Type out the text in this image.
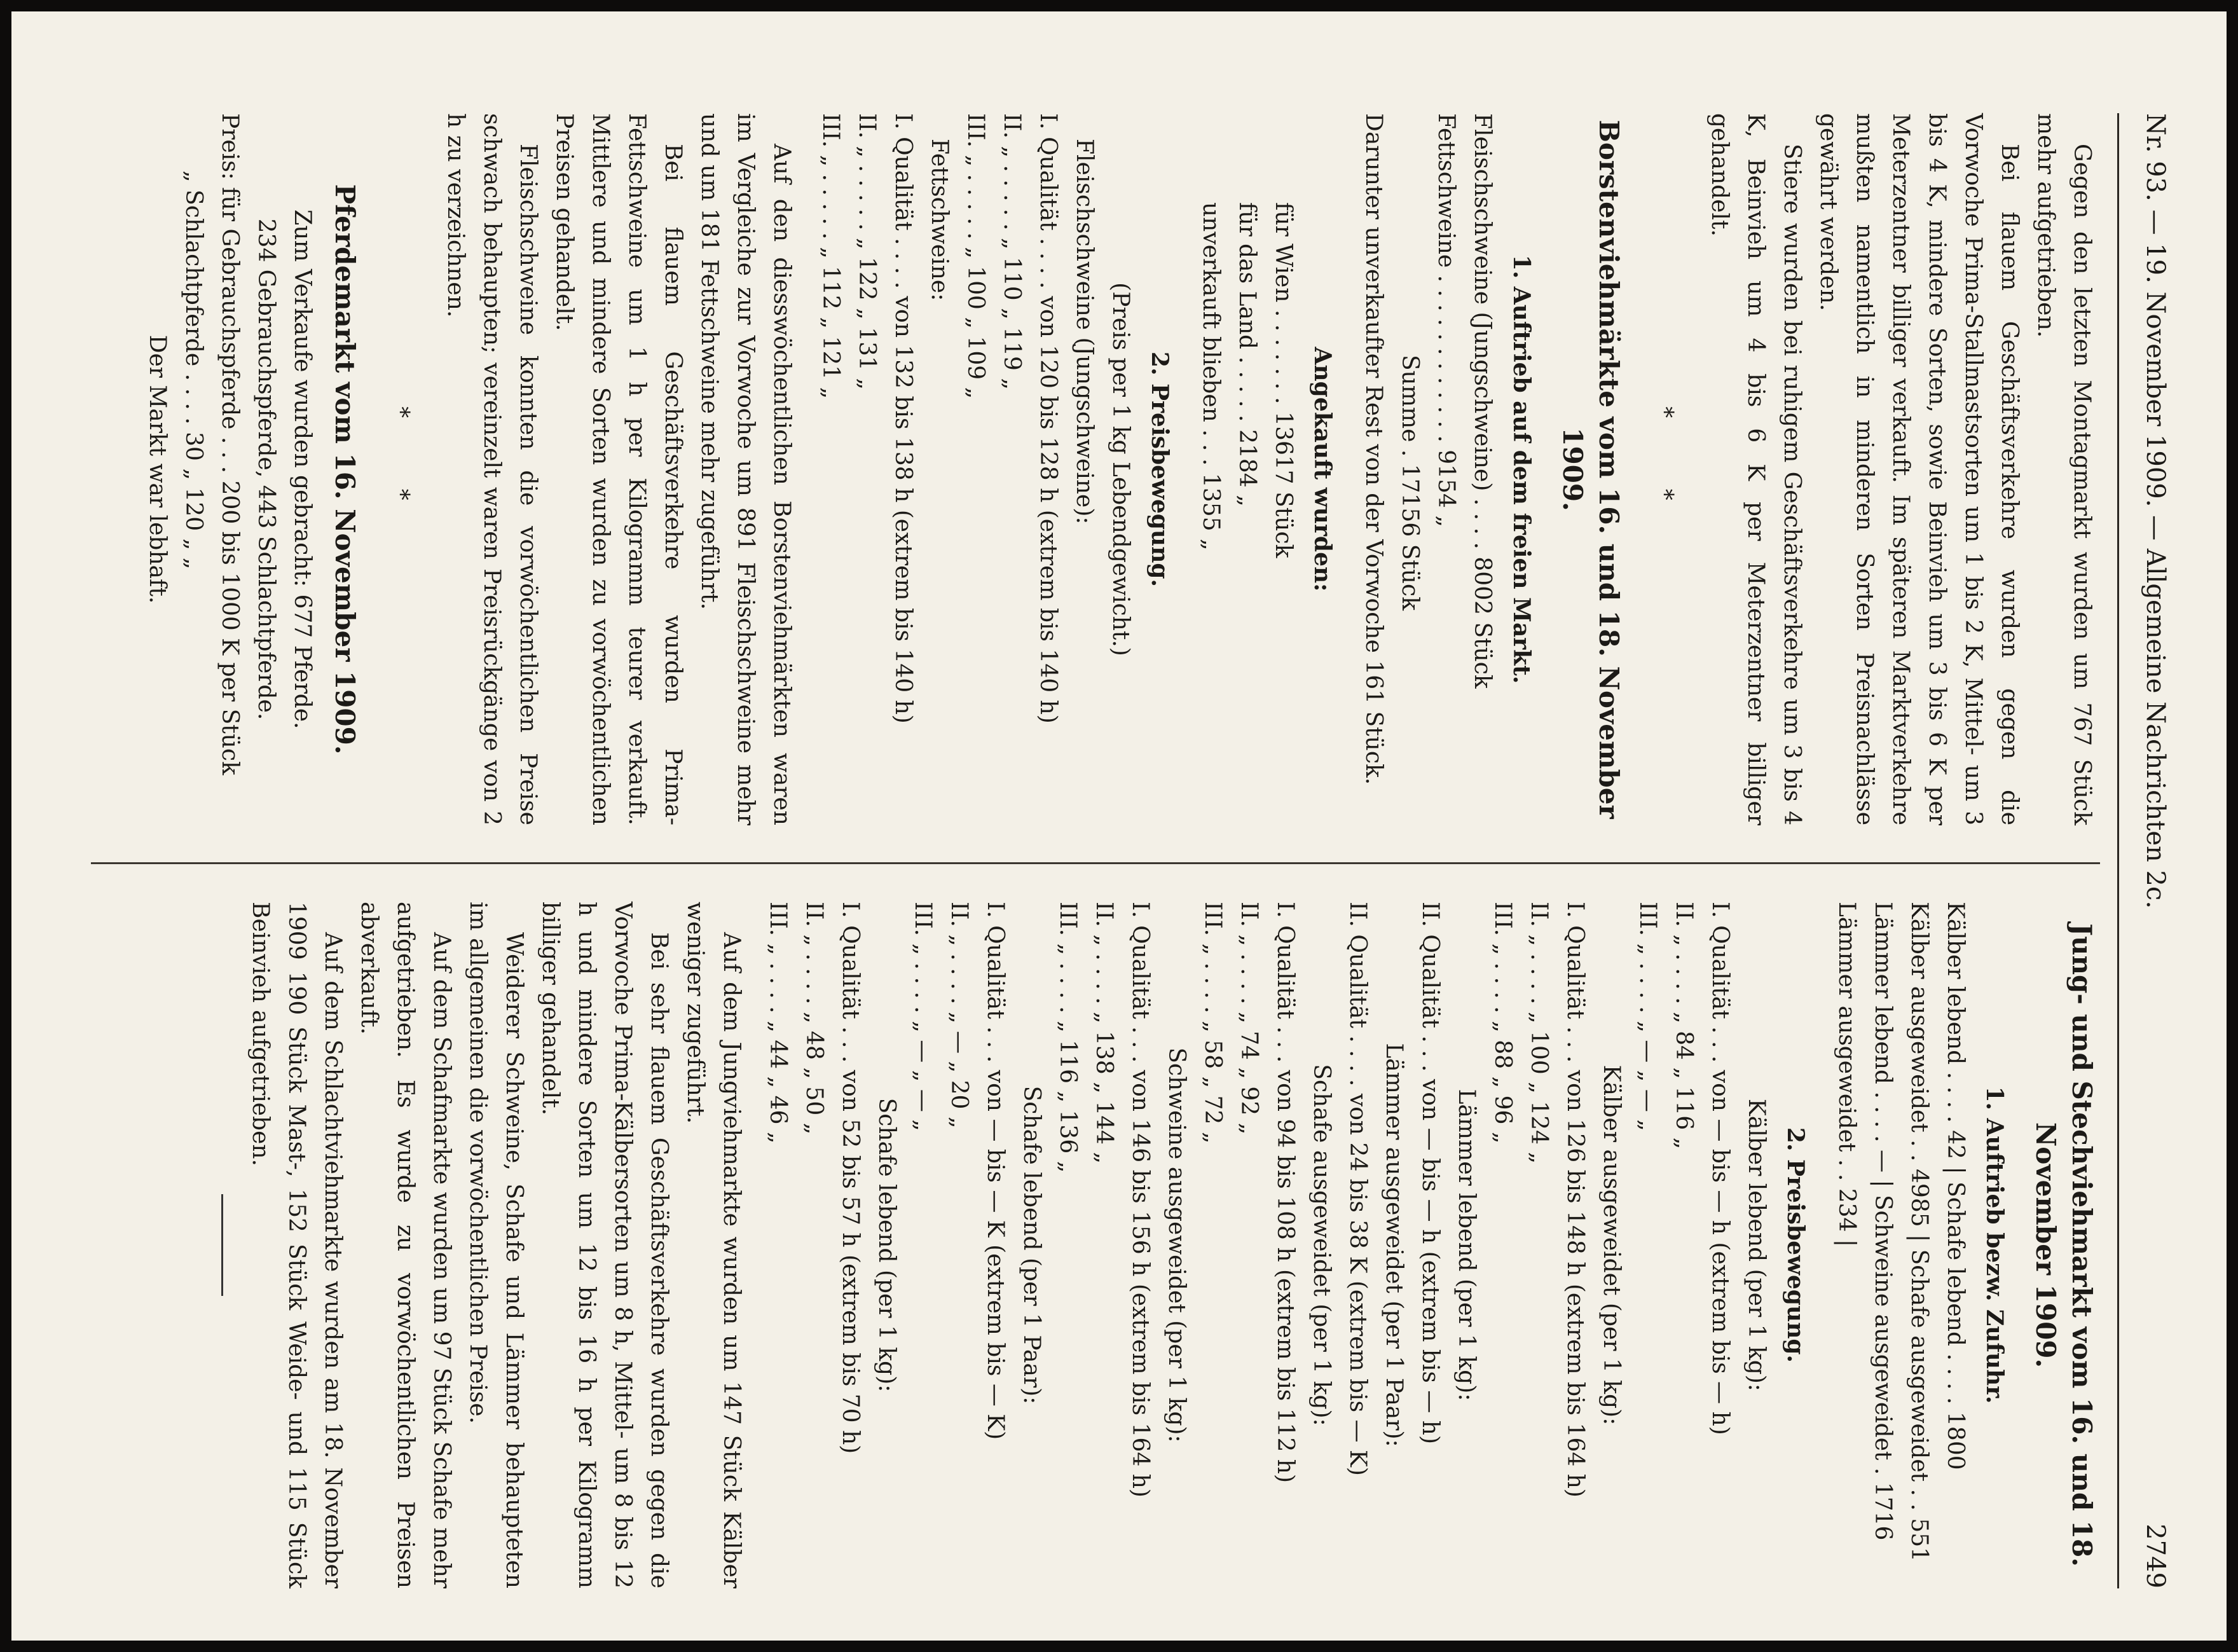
Nr. 93. — 19. November 1909. — Allgemeine Nachrichten 2c.
2749

Gegen den letzten Montagmarkt wurden um 767 Stück mehr aufgetrieben.

Bei flauem Geschäftsverkehre wurden gegen die Vorwoche Prima-Stallmastsorten um 1 bis 2 K, Mittel- um 3 bis 4 K, mindere Sorten, sowie Beinvieh um 3 bis 6 K per Meterzentner billiger verkauft. Im späteren Marktverkehre mußten namentlich in minderen Sorten Preisnachlässe gewährt werden.

Stiere wurden bei ruhigem Geschäftsverkehre um 3 bis 4 K, Beinvieh um 4 bis 6 K per Meterzentner billiger gehandelt.

* *
Borstenviehmärkte vom 16. und 18. November 1909.
1. Auftrieb auf dem freien Markt.
Fleischschweine (Jungschweine) . . . . 8002 Stück
Fettschweine . . . . . . . . . . . . 9154 „
Summe . 17156 Stück
Darunter unverkaufter Rest von der Vorwoche 161 Stück.
Angekauft wurden:
für Wien . . . . . . . 13617 Stück
für das Land . . . . . 2184 „
unverkauft blieben . . . 1355 „
2. Preisbewegung.
(Preis per 1 kg Lebendgewicht.)
Fleischschweine (Jungschweine):
I. Qualität . . . . von 120 bis 128 h (extrem bis 140 h)
II. „ . . . . . „ 110 „ 119 „
III. „ . . . . . „ 100 „ 109 „
Fettschweine:
I. Qualität . . . . von 132 bis 138 h (extrem bis 140 h)
II. „ . . . . . „ 122 „ 131 „
III. „ . . . . . „ 112 „ 121 „

Auf den diesswöchentlichen Borstenviehmärkten waren im Vergleiche zur Vorwoche um 891 Fleischschweine mehr und um 181 Fettschweine mehr zugeführt.

Bei flauem Geschäftsverkehre wurden Prima-Fettschweine um 1 h per Kilogramm teurer verkauft. Mittlere und mindere Sorten wurden zu vorwöchentlichen Preisen gehandelt.

Fleischschweine konnten die vorwöchentlichen Preise schwach behaupten; vereinzelt waren Preisrückgänge von 2 h zu verzeichnen.

* *
Pferdemarkt vom 16. November 1909.
Zum Verkaufe wurden gebracht: 677 Pferde.
234 Gebrauchspferde, 443 Schlachtpferde.
Preis: für Gebrauchspferde . . . 200 bis 1000 K per Stück
„ Schlachtpferde . . . . 30 „ 120 „ „
Der Markt war lebhaft.
Jung- und Stechviehmarkt vom 16. und 18. November 1909.
1. Auftrieb bezw. Zufuhr.
Kälber lebend . . . . 42 | Schafe lebend . . . . 1800
Kälber ausgeweidet . . 4985 | Schafe ausgeweidet . . 551
Lämmer lebend . . . . — | Schweine ausgeweidet . 1716
Lämmer ausgeweidet . . 234 |
2. Preisbewegung.
Kälber lebend (per 1 kg):
I. Qualität . . . von — bis — h (extrem bis — h)
II. „ . . . . „ 84 „ 116 „
III. „ . . . . „ — „ — „
Kälber ausgeweidet (per 1 kg):
I. Qualität . . . von 126 bis 148 h (extrem bis 164 h)
II. „ . . . . „ 100 „ 124 „
III. „ . . . . „ 88 „ 96 „
Lämmer lebend (per 1 kg):
II. Qualität . . . von — bis — h (extrem bis — h)
Lämmer ausgeweidet (per 1 Paar):
II. Qualität . . . . von 24 bis 38 K (extrem bis — K)
Schafe ausgeweidet (per 1 kg):
I. Qualität . . . von 94 bis 108 h (extrem bis 112 h)
II. „ . . . . „ 74 „ 92 „
III. „ . . . . „ 58 „ 72 „
Schweine ausgeweidet (per 1 kg):
I. Qualität . . . von 146 bis 156 h (extrem bis 164 h)
II. „ . . . . „ 138 „ 144 „
III. „ . . . . „ 116 „ 136 „
Schafe lebend (per 1 Paar):
I. Qualität . . . von — bis — K (extrem bis — K)
II. „ . . . . „ — „ 20 „
III. „ . . . . „ — „ — „
Schafe lebend (per 1 kg):
I. Qualität . . . von 52 bis 57 h (extrem bis 70 h)
II. „ . . . . „ 48 „ 50 „
III. „ . . . . „ 44 „ 46 „

Auf dem Jungviehmarkte wurden um 147 Stück Kälber weniger zugeführt.

Bei sehr flauem Geschäftsverkehre wurden gegen die Vorwoche Prima-Kälbersorten um 8 h, Mittel- um 8 bis 12 h und mindere Sorten um 12 bis 16 h per Kilogramm billiger gehandelt.

Weiderer Schweine, Schafe und Lämmer behaupteten im allgemeinen die vorwöchentlichen Preise.

Auf dem Schafmarkte wurden um 97 Stück Schafe mehr aufgetrieben. Es wurde zu vorwöchentlichen Preisen abverkauft.

Auf dem Schlachtviehmarkte wurden am 18. November 1909 190 Stück Mast-, 152 Stück Weide- und 115 Stück Beinvieh aufgetrieben.
